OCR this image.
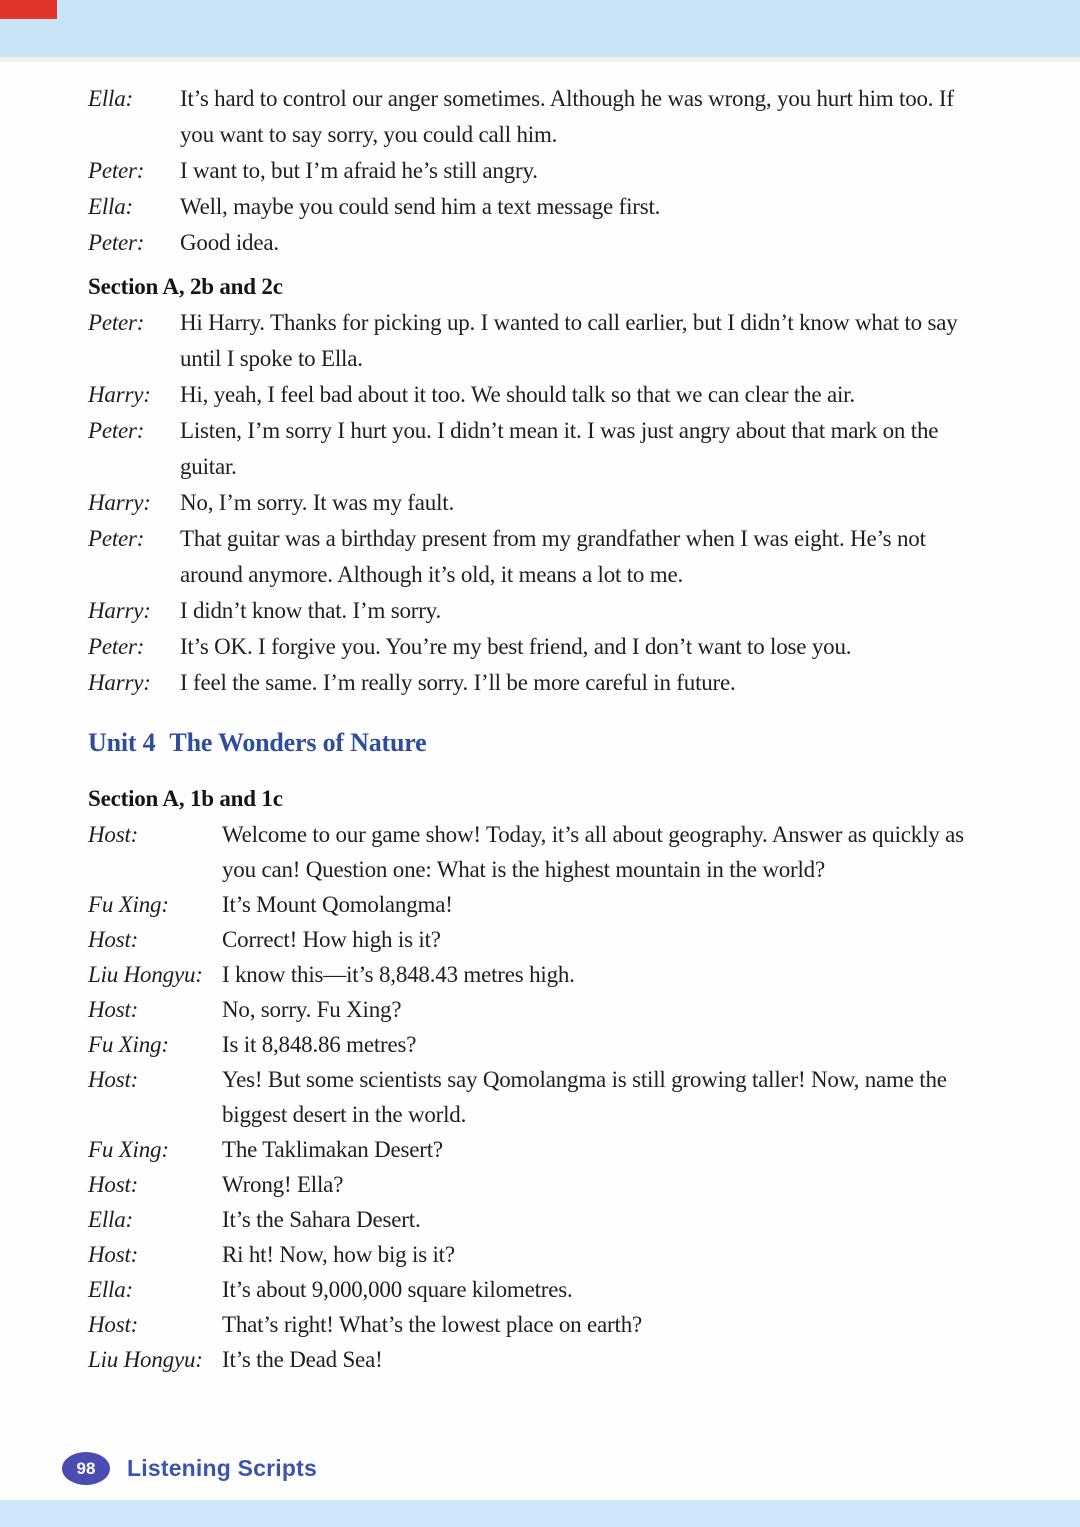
Ella:	It’s hard to control our anger sometimes. Although he was wrong, you hurt him too. If you want to say sorry, you could call him.
Peter:	I want to, but I’m afraid he’s still angry.
Ella:	Well, maybe you could send him a text message first.
Peter:	Good idea.
Section A, 2b and 2c
Peter:	Hi Harry. Thanks for picking up. I wanted to call earlier, but I didn’t know what to say until I spoke to Ella.
Harry:	Hi, yeah, I feel bad about it too. We should talk so that we can clear the air.
Peter:	Listen, I’m sorry I hurt you. I didn’t mean it. I was just angry about that mark on the guitar.
Harry:	No, I’m sorry. It was my fault.
Peter:	That guitar was a birthday present from my grandfather when I was eight. He’s not around anymore. Although it’s old, it means a lot to me.
Harry:	I didn’t know that. I’m sorry.
Peter:	It’s OK. I forgive you. You’re my best friend, and I don’t want to lose you.
Harry:	I feel the same. I’m really sorry. I’ll be more careful in future.
Unit 4 The Wonders of Nature
Section A, 1b and 1c
Host:	Welcome to our game show! Today, it’s all about geography. Answer as quickly as you can! Question one: What is the highest mountain in the world?
Fu Xing:	It’s Mount Qomolangma!
Host:	Correct! How high is it?
Liu Hongyu: I know this—it’s 8,848.43 metres high.
Host:	No, sorry. Fu Xing?
Fu Xing:	Is it 8,848.86 metres?
Host:	Yes! But some scientists say Qomolangma is still growing taller! Now, name the biggest desert in the world.
Fu Xing:	The Taklimakan Desert?
Host:	Wrong! Ella?
Ella:	It’s the Sahara Desert.
Host:	Ri ht! Now, how big is it?
Ella:	It’s about 9,000,000 square kilometres.
Host:	That’s right! What’s the lowest place on earth?
Liu Hongyu: It’s the Dead Sea!
98	Listening Scripts
